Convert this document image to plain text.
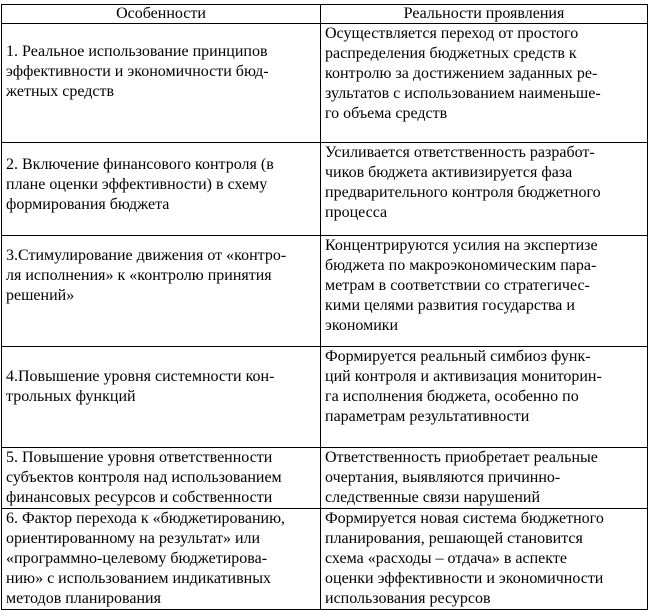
Особенности	Реальности проявления

1. Реальное использование принципов
эффективности и экономичности бюд-
жетных средств	Осуществляется переход от простого
распределения бюджетных средств к
контролю за достижением заданных ре-
зультатов с использованием наименьше-
го объема средств

2. Включение финансового контроля (в
плане оценки эффективности) в схему
формирования бюджета	Усиливается ответственность разработ-
чиков бюджета активизируется фаза
предварительного контроля бюджетного
процесса

3.Стимулирование движения от «контро-
ля исполнения» к «контролю принятия
решений»	Концентрируются усилия на экспертизе
бюджета по макроэкономическим пара-
метрам в соответствии со стратегичес-
кими целями развития государства и
экономики

4.Повышение уровня системности кон-
трольных функций	Формируется реальный симбиоз функ-
ций контроля и активизация мониторин-
га исполнения бюджета, особенно по
параметрам результативности

5. Повышение уровня ответственности
субъектов контроля над использованием
финансовых ресурсов и собственности	Ответственность приобретает реальные
очертания, выявляются причинно-
следственные связи нарушений

6. Фактор перехода к «бюджетированию,
ориентированному на результат» или
«программно-целевому бюджетирова-
нию» с использованием индикативных
методов планирования	Формируется новая система бюджетного
планирования, решающей становится
схема «расходы – отдача» в аспекте
оценки эффективности и экономичности
использования ресурсов
